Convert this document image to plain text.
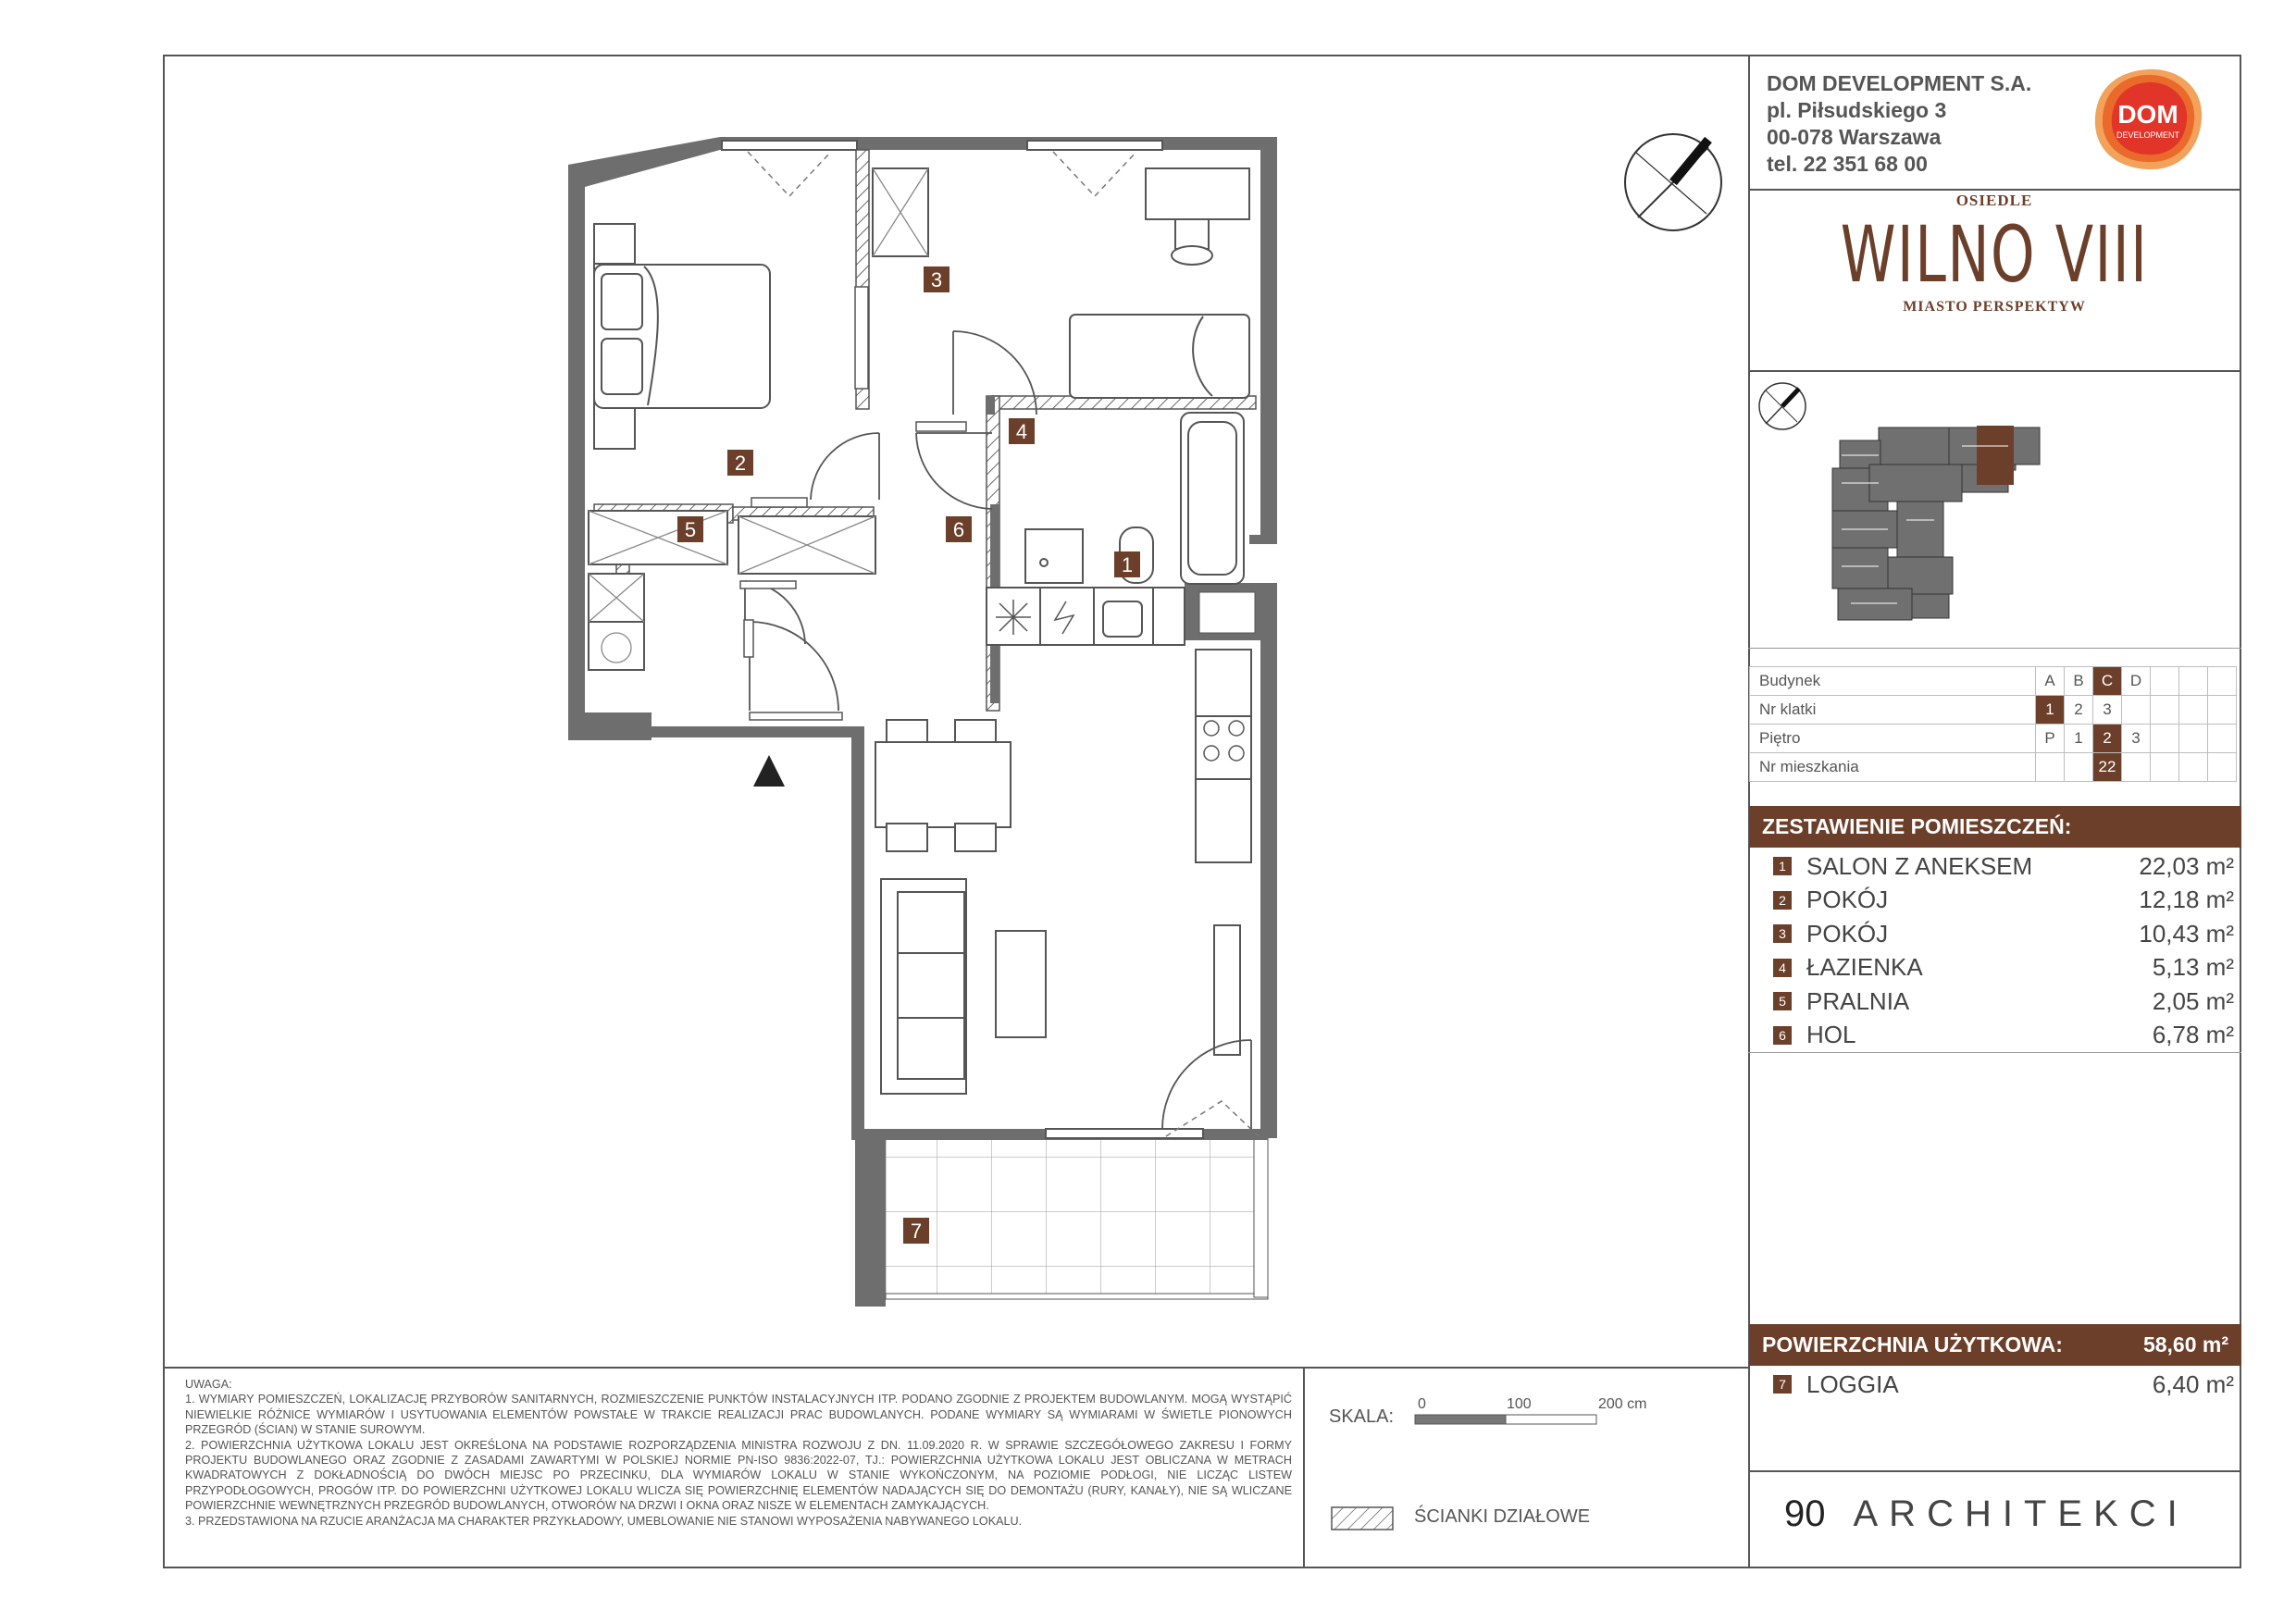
DOM DEVELOPMENT S.A.
pl. Piłsudskiego 3
00-078 Warszawa
tel. 22 351 68 00
DOM
DEVELOPMENT
OSIEDLE
WILNO VIII
MIASTO PERSPEKTYW
Budynek	A	B	C	D			
Nr klatki	1	2	3				
Piętro	P	1	2	3			
Nr mieszkania			22				
ZESTAWIENIE POMIESZCZEŃ:
1 SALON Z ANEKSEM	22,03 m²
2 POKÓJ	12,18 m²
3 POKÓJ	10,43 m²
4 ŁAZIENKA	5,13 m²
5 PRALNIA	2,05 m²
6 HOL	6,78 m²
POWIERZCHNIA UŻYTKOWA:	58,60 m²
7 LOGGIA	6,40 m²
1
2
3
4
5	6
7

UWAGA:

1. WYMIARY POMIESZCZEŃ, LOKALIZACJĘ PRZYBORÓW SANITARNYCH, ROZMIESZCZENIE PUNKTÓW INSTALACYJNYCH ITP. PODANO ZGODNIE Z PROJEKTEM BUDOWLANYM. MOGĄ WYSTĄPIĆ NIEWIELKIE RÓŻNICE WYMIARÓW I USYTUOWANIA ELEMENTÓW POWSTAŁE W TRAKCIE REALIZACJI PRAC BUDOWLANYCH. PODANE WYMIARY SĄ WYMIARAMI W ŚWIETLE PIONOWYCH PRZEGRÓD (ŚCIAN) W STANIE SUROWYM.

2. POWIERZCHNIA UŻYTKOWA LOKALU JEST OKREŚLONA NA PODSTAWIE ROZPORZĄDZENIA MINISTRA ROZWOJU Z DN. 11.09.2020 R. W SPRAWIE SZCZEGÓŁOWEGO ZAKRESU I FORMY PROJEKTU BUDOWLANEGO ORAZ ZGODNIE Z ZASADAMI ZAWARTYMI W POLSKIEJ NORMIE PN-ISO 9836:2022-07, TJ.: POWIERZCHNIA UŻYTKOWA LOKALU JEST OBLICZANA W METRACH KWADRATOWYCH Z DOKŁADNOŚCIĄ DO DWÓCH MIEJSC PO PRZECINKU, DLA WYMIARÓW LOKALU W STANIE WYKOŃCZONYM, NA POZIOMIE PODŁOGI, NIE LICZĄC LISTEW PRZYPODŁOGOWYCH, PROGÓW ITP. DO POWIERZCHNI UŻYTKOWEJ LOKALU WLICZA SIĘ POWIERZCHNIĘ ELEMENTÓW NADAJĄCYCH SIĘ DO DEMONTAŻU (RURY, KANAŁY), NIE SĄ WLICZANE POWIERZCHNIE WEWNĘTRZNYCH PRZEGRÓD BUDOWLANYCH, OTWORÓW NA DRZWI I OKNA ORAZ NISZE W ELEMENTACH ZAMYKAJĄCYCH.

3. PRZEDSTAWIONA NA RZUCIE ARANŻACJA MA CHARAKTER PRZYKŁADOWY, UMEBLOWANIE NIE STANOWI WYPOSAŻENIA NABYWANEGO LOKALU.

SKALA:
0	100	200 cm
ŚCIANKI DZIAŁOWE	90 ARCHITEKCI
